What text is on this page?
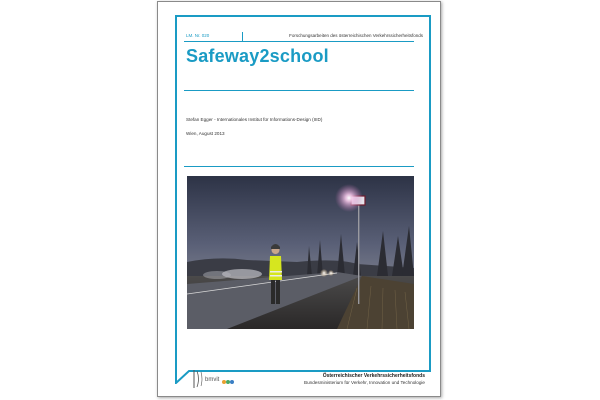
LM. Nr. 020	Forschungsarbeiten des österreichischen Verkehrssicherheitsfonds
Safeway2school
Stefan Egger - Internationales Institut für Informations-Design (IIID)
Wien, August 2013
bmvit
Österreichischer Verkehrssicherheitsfonds
Bundesministerium für Verkehr, Innovation und Technologie
